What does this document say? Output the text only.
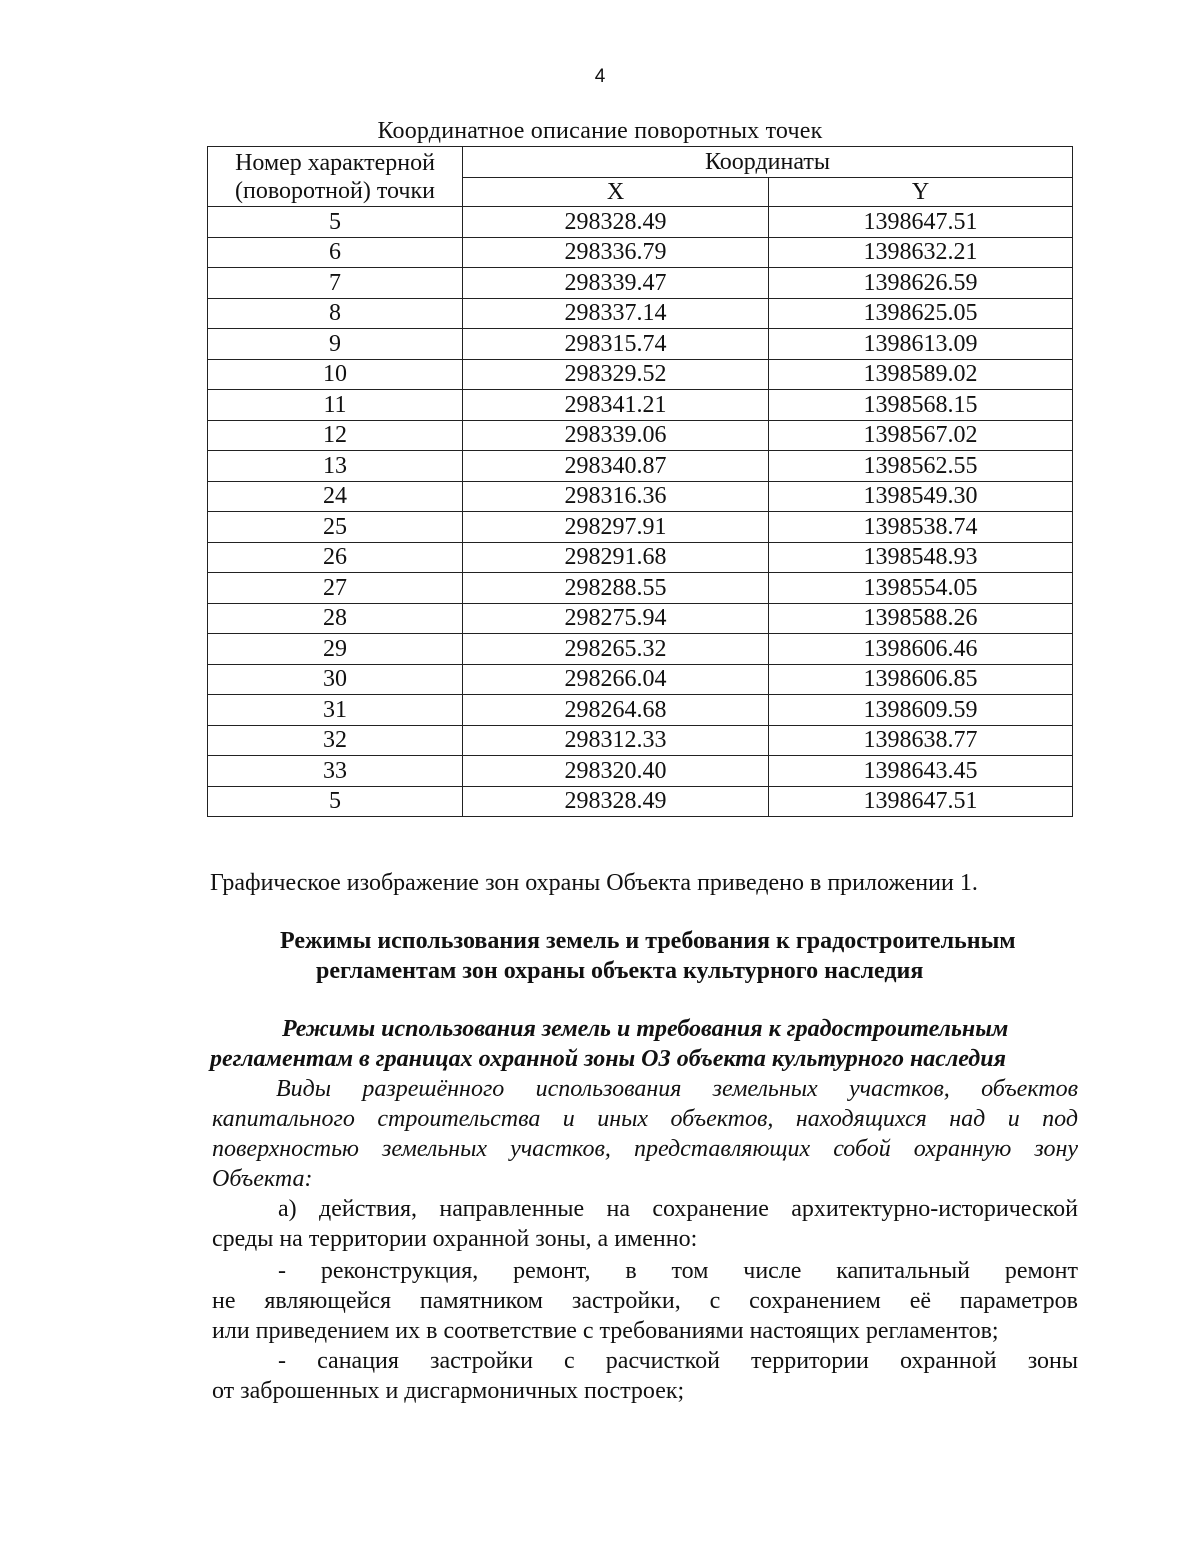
4
Координатное описание поворотных точек
Номер характерной
(поворотной) точки	Координаты	
	X	Y
5	298328.49	1398647.51
6	298336.79	1398632.21
7	298339.47	1398626.59
8	298337.14	1398625.05
9	298315.74	1398613.09
10	298329.52	1398589.02
11	298341.21	1398568.15
12	298339.06	1398567.02
13	298340.87	1398562.55
24	298316.36	1398549.30
25	298297.91	1398538.74
26	298291.68	1398548.93
27	298288.55	1398554.05
28	298275.94	1398588.26
29	298265.32	1398606.46
30	298266.04	1398606.85
31	298264.68	1398609.59
32	298312.33	1398638.77
33	298320.40	1398643.45
5	298328.49	1398647.51
Графическое изображение зон охраны Объекта приведено в приложении 1.
Режимы использования земель и требования к градостроительным
регламентам зон охраны объекта культурного наследия
Режимы использования земель и требования к градостроительным
регламентам в границах охранной зоны ОЗ объекта культурного наследия
Виды разрешённого использования земельных участков, объектов
капитального строительства и иных объектов, находящихся над и под
поверхностью земельных участков, представляющих собой охранную зону
Объекта:
а) действия, направленные на сохранение архитектурно-исторической
среды на территории охранной зоны, а именно:
- реконструкция, ремонт, в том числе капитальный ремонт
не являющейся памятником застройки, с сохранением её параметров
или приведением их в соответствие с требованиями настоящих регламентов;
- санация застройки с расчисткой территории охранной зоны
от заброшенных и дисгармоничных построек;
